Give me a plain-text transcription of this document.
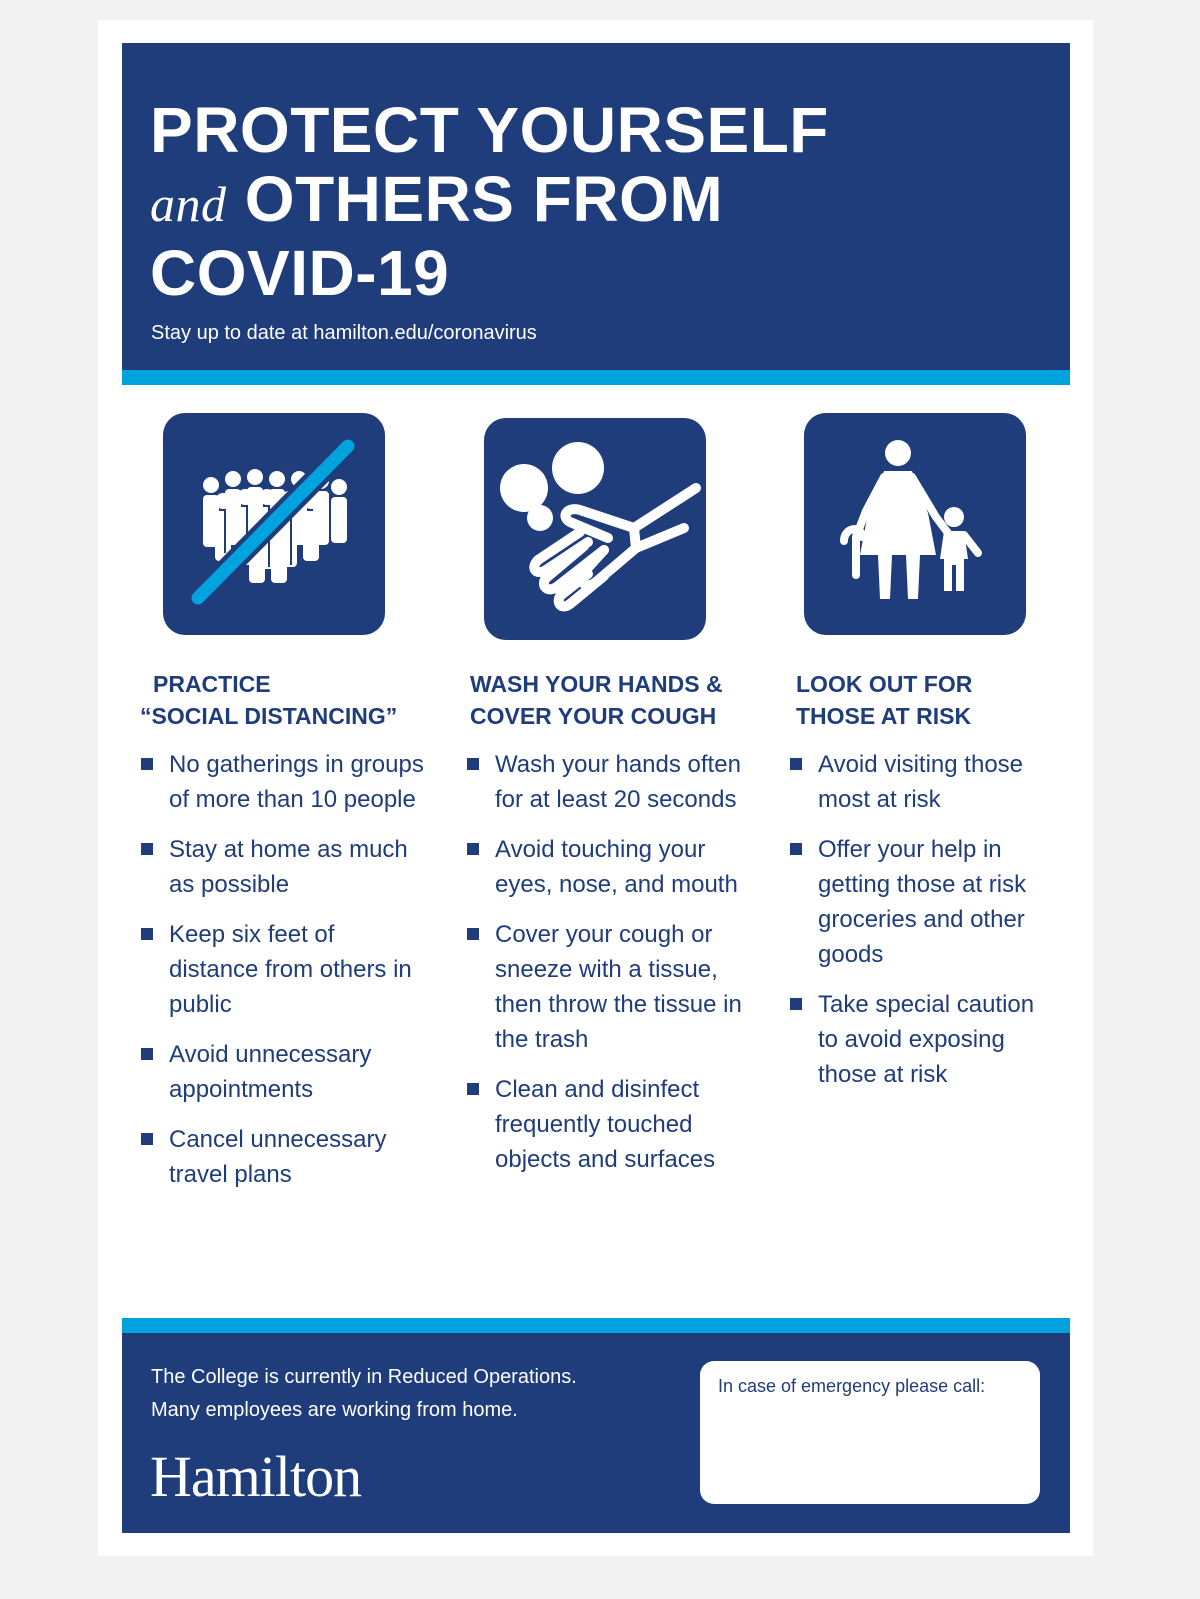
PROTECT YOURSELF
and OTHERS FROM
COVID-19
Stay up to date at hamilton.edu/coronavirus
PRACTICE
“SOCIAL DISTANCING”
No gatherings in groups of more than 10 people
Stay at home as much as possible
Keep six feet of distance from others in public
Avoid unnecessary appointments
Cancel unnecessary travel plans
WASH YOUR HANDS &
COVER YOUR COUGH
Wash your hands often for at least 20 seconds
Avoid touching your eyes, nose, and mouth
Cover your cough or sneeze with a tissue, then throw the tissue in the trash
Clean and disinfect frequently touched objects and surfaces
LOOK OUT FOR
THOSE AT RISK
Avoid visiting those most at risk
Offer your help in getting those at risk groceries and other goods
Take special caution to avoid exposing those at risk
The College is currently in Reduced Operations.
Many employees are working from home.
Hamilton
In case of emergency please call:
